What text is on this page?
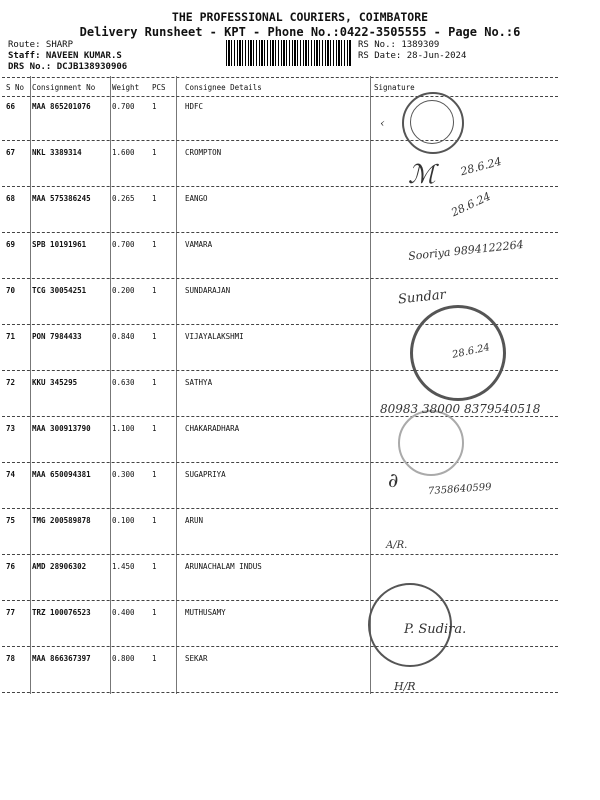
THE PROFESSIONAL COURIERS, COIMBATORE
Delivery Runsheet - KPT - Phone No.:0422-3505555 - Page No.:6
Route: SHARP
Staff: NAVEEN KUMAR.S
DRS No.: DCJB138930906
RS No.: 1389309
RS Date: 28-Jun-2024
S No Consignment No Weight PCS	Consignee Details	Signature
66 MAA 865201076	0.700 1	HDFC
67 NKL 3389314	1.600 1	CROMPTON
68 MAA 575386245	0.265 1	EANGO
69 SPB 10191961	0.700 1	VAMARA
70 TCG 30054251	0.200 1	SUNDARAJAN
71 PON 7984433	0.840 1	VIJAYALAKSHMI
72 KKU 345295	0.630 1	SATHYA
73 MAA 300913790	1.100 1	CHAKARADHARA
74 MAA 650094381	0.300 1	SUGAPRIYA
75 TMG 200589878	0.100 1	ARUN
76 AMD 28906302	1.450 1	ARUNACHALAM INDUS
77 TRZ 100076523	0.400 1	MUTHUSAMY
78 MAA 866367397	0.800 1	SEKAR
‹
ℳ 28.6.24
28.6.24
Sooriya 9894122264
Sundar
28.6.24
80983 38000 8379540518
∂	7358640599
A/R.
P. Sudira.
H/R
